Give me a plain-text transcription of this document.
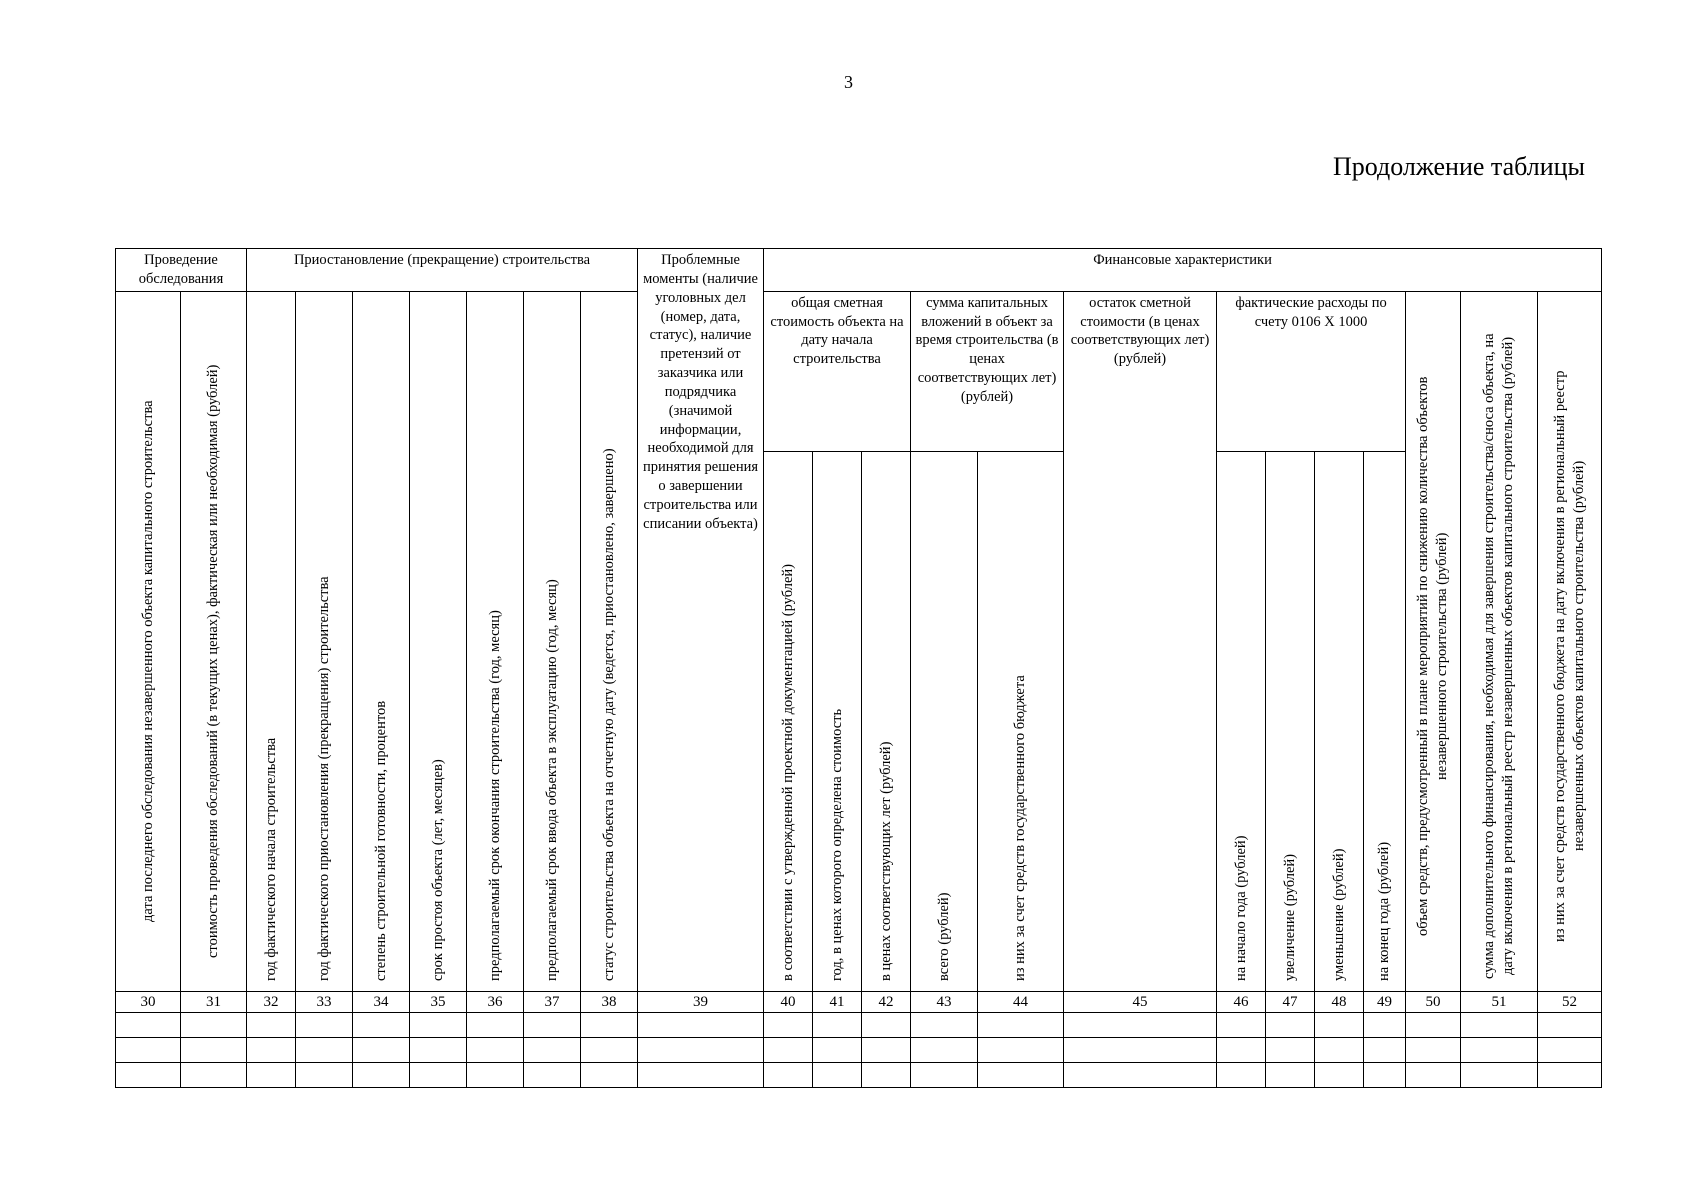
3
Продолжение таблицы
Проведение обследования		Приостановление (прекращение) строительства							Проблемные моменты (наличие уголовных дел (номер, дата, статус), наличие претензий от заказчика или подрядчика (значимой информации, необходимой для принятия решения о завершении строительства или списании объекта)	Финансовые характеристики												
дата последнего обследования незавершенного объекта капитального строительства	стоимость проведения обследований (в текущих ценах), фактическая или необходимая (рублей)	год фактического начала строительства	год фактического приостановления (прекращения) строительства	степень строительной готовности, процентов	срок простоя объекта (лет, месяцев)	предполагаемый срок окончания строительства (год, месяц)	предполагаемый срок ввода объекта в эксплуатацию (год, месяц)	статус строительства объекта на отчетную дату (ведется, приостановлено, завершено)		общая сметная стоимость объекта на дату начала строительства			сумма капитальных вложений в объект за время строительства (в ценах соответствующих лет) (рублей)		остаток сметной стоимости (в ценах соответствующих лет) (рублей)	фактические расходы по счету 0106 Х 1000				объем средств, предусмотренный в плане мероприятий по снижению количества объектов незавершенного строительства (рублей)	сумма дополнительного финансирования, необходимая для завершения строительства/сноса объекта, на дату включения в региональный реестр незавершенных объектов капитального строительства (рублей)	из них за счет средств государственного бюджета на дату включения в региональный реестр незавершенных объектов капитального строительства (рублей)
										в соответствии с утвержденной проектной документацией (рублей)	год, в ценах которого определена стоимость	в ценах соответствующих лет (рублей)	всего (рублей)	из них за счет средств государственного бюджета		на начало года (рублей)	увеличение (рублей)	уменьшение (рублей)	на конец года (рублей)			
30	31	32	33	34	35	36	37	38	39	40	41	42	43	44	45	46	47	48	49	50	51	52
